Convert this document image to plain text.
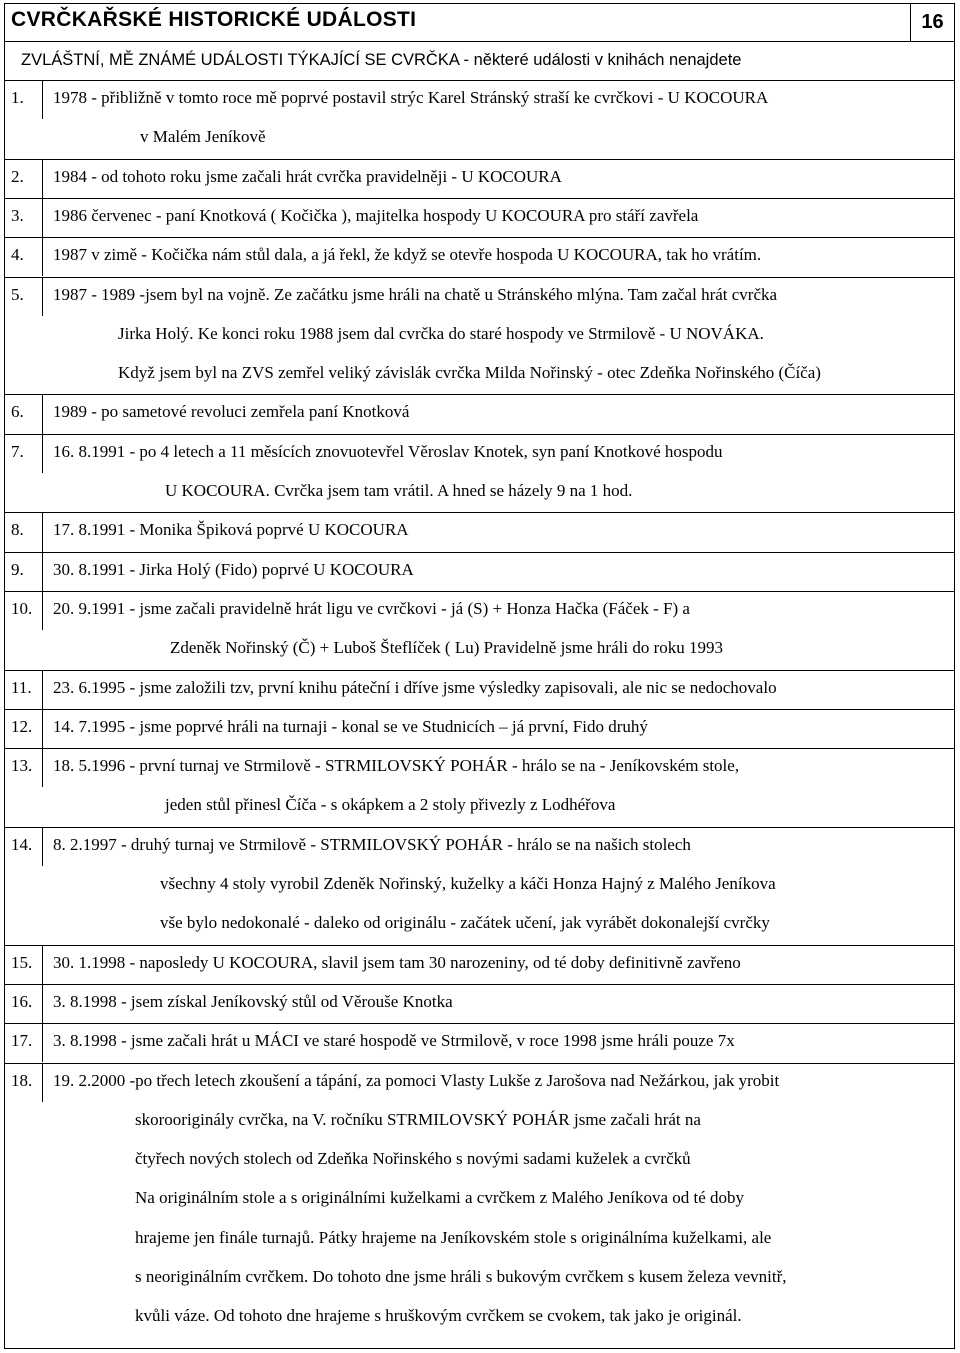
CVRČKAŘSKÉ HISTORICKÉ UDÁLOSTI	16
ZVLÁŠTNÍ, MĚ ZNÁMÉ UDÁLOSTI TÝKAJÍCÍ SE CVRČKA - některé události v knihách nenajdete
1.	1978 - přibližně v tomto roce mě poprvé postavil strýc Karel Stránský straší ke cvrčkovi - U KOCOURA
v Malém Jeníkově
2.	1984 - od tohoto roku jsme začali hrát cvrčka pravidelněji - U KOCOURA
3.	1986 červenec - paní Knotková ( Kočička ), majitelka hospody U KOCOURA pro stáří zavřela
4.	1987 v zimě - Kočička nám stůl dala, a já řekl, že když se otevře hospoda U KOCOURA, tak ho vrátím.
5.	1987 - 1989 -jsem byl na vojně. Ze začátku jsme hráli na chatě u Stránského mlýna. Tam začal hrát cvrčka
Jirka Holý. Ke konci roku 1988 jsem dal cvrčka do staré hospody ve Strmilově - U NOVÁKA.
Když jsem byl na ZVS zemřel veliký závislák cvrčka Milda Nořinský - otec Zdeňka Nořinského (Číča)
6.	1989 - po sametové revoluci zemřela paní Knotková
7.	16. 8.1991 - po 4 letech a 11 měsících znovuotevřel Věroslav Knotek, syn paní Knotkové hospodu
U KOCOURA. Cvrčka jsem tam vrátil. A hned se házely 9 na 1 hod.
8.	17. 8.1991 - Monika Špiková poprvé U KOCOURA
9.	30. 8.1991 - Jirka Holý (Fido) poprvé U KOCOURA
10.	20. 9.1991 - jsme začali pravidelně hrát ligu ve cvrčkovi - já (S) + Honza Hačka (Fáček - F) a
Zdeněk Nořinský (Č) + Luboš Šteflíček ( Lu) Pravidelně jsme hráli do roku 1993
11.	23. 6.1995 - jsme založili tzv, první knihu páteční i dříve jsme výsledky zapisovali, ale nic se nedochovalo
12.	14. 7.1995 - jsme poprvé hráli na turnaji - konal se ve Studnicích – já první, Fido druhý
13.	18. 5.1996 - první turnaj ve Strmilově - STRMILOVSKÝ POHÁR - hrálo se na - Jeníkovském stole,
jeden stůl přinesl Číča - s okápkem a 2 stoly přivezly z Lodhéřova
14.	8. 2.1997 - druhý turnaj ve Strmilově - STRMILOVSKÝ POHÁR - hrálo se na našich stolech
všechny 4 stoly vyrobil Zdeněk Nořinský, kuželky a káči Honza Hajný z Malého Jeníkova
vše bylo nedokonalé - daleko od originálu - začátek učení, jak vyrábět dokonalejší cvrčky
15.	30. 1.1998 - naposledy U KOCOURA, slavil jsem tam 30 narozeniny, od té doby definitivně zavřeno
16.	3. 8.1998 - jsem získal Jeníkovský stůl od Věrouše Knotka
17.	3. 8.1998 - jsme začali hrát u MÁCI ve staré hospodě ve Strmilově, v roce 1998 jsme hráli pouze 7x
18.	19. 2.2000 -po třech letech zkoušení a tápání, za pomoci Vlasty Lukše z Jarošova nad Nežárkou, jak yrobit
skorooriginály cvrčka, na V. ročníku STRMILOVSKÝ POHÁR jsme začali hrát na
čtyřech nových stolech od Zdeňka Nořinského s novými sadami kuželek a cvrčků
Na originálním stole a s originálními kuželkami a cvrčkem z Malého Jeníkova od té doby
hrajeme jen finále turnajů. Pátky hrajeme na Jeníkovském stole s originálníma kuželkami, ale
s neoriginálním cvrčkem. Do tohoto dne jsme hráli s bukovým cvrčkem s kusem železa vevnitř,
kvůli váze. Od tohoto dne hrajeme s hruškovým cvrčkem se cvokem, tak jako je originál.
